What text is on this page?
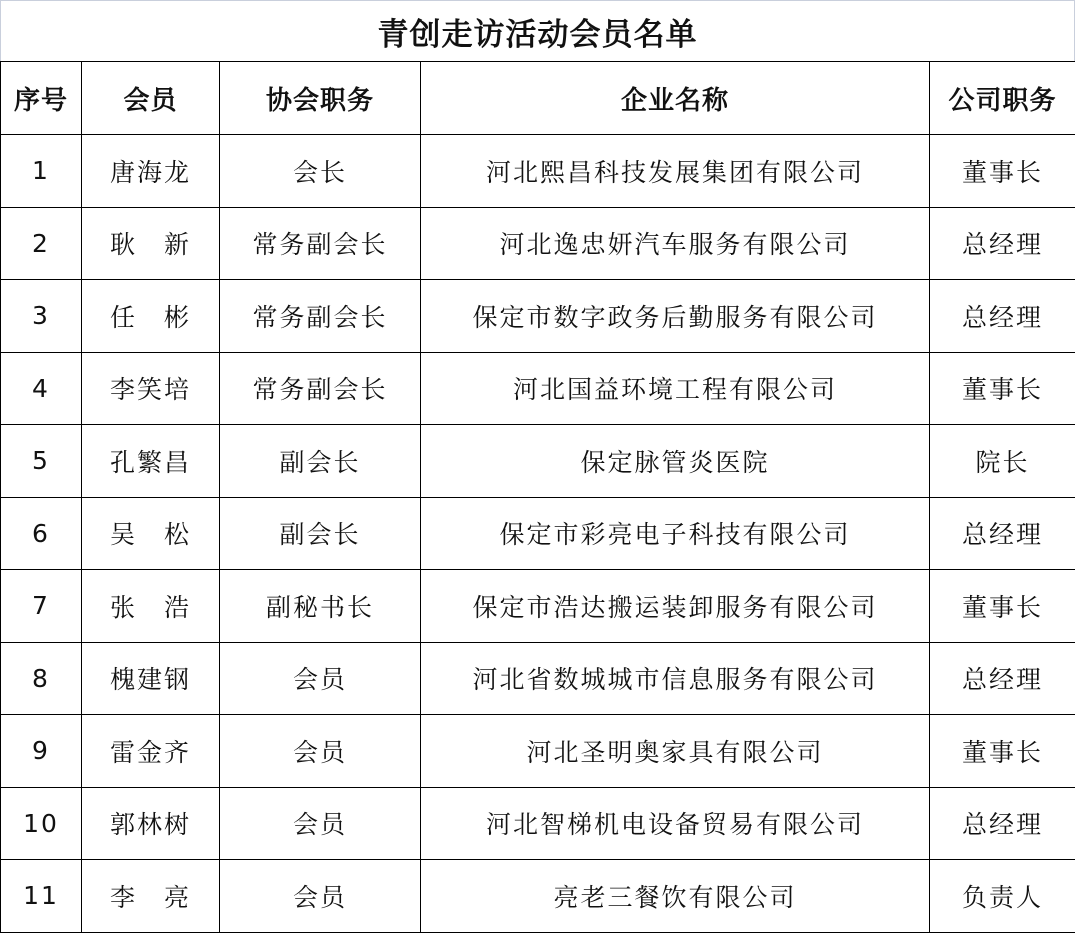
青创走访活动会员名单
序号	会员	协会职务	企业名称	公司职务
1	唐海龙	会长	河北熙昌科技发展集团有限公司	董事长
2	耿　新	常务副会长	河北逸忠妍汽车服务有限公司	总经理
3	任　彬	常务副会长	保定市数字政务后勤服务有限公司	总经理
4	李笑培	常务副会长	河北国益环境工程有限公司	董事长
5	孔繁昌	副会长	保定脉管炎医院	院长
6	吴　松	副会长	保定市彩亮电子科技有限公司	总经理
7	张　浩	副秘书长	保定市浩达搬运装卸服务有限公司	董事长
8	槐建钢	会员	河北省数城城市信息服务有限公司	总经理
9	雷金齐	会员	河北圣明奥家具有限公司	董事长
10	郭林树	会员	河北智梯机电设备贸易有限公司	总经理
11	李　亮	会员	亮老三餐饮有限公司	负责人
